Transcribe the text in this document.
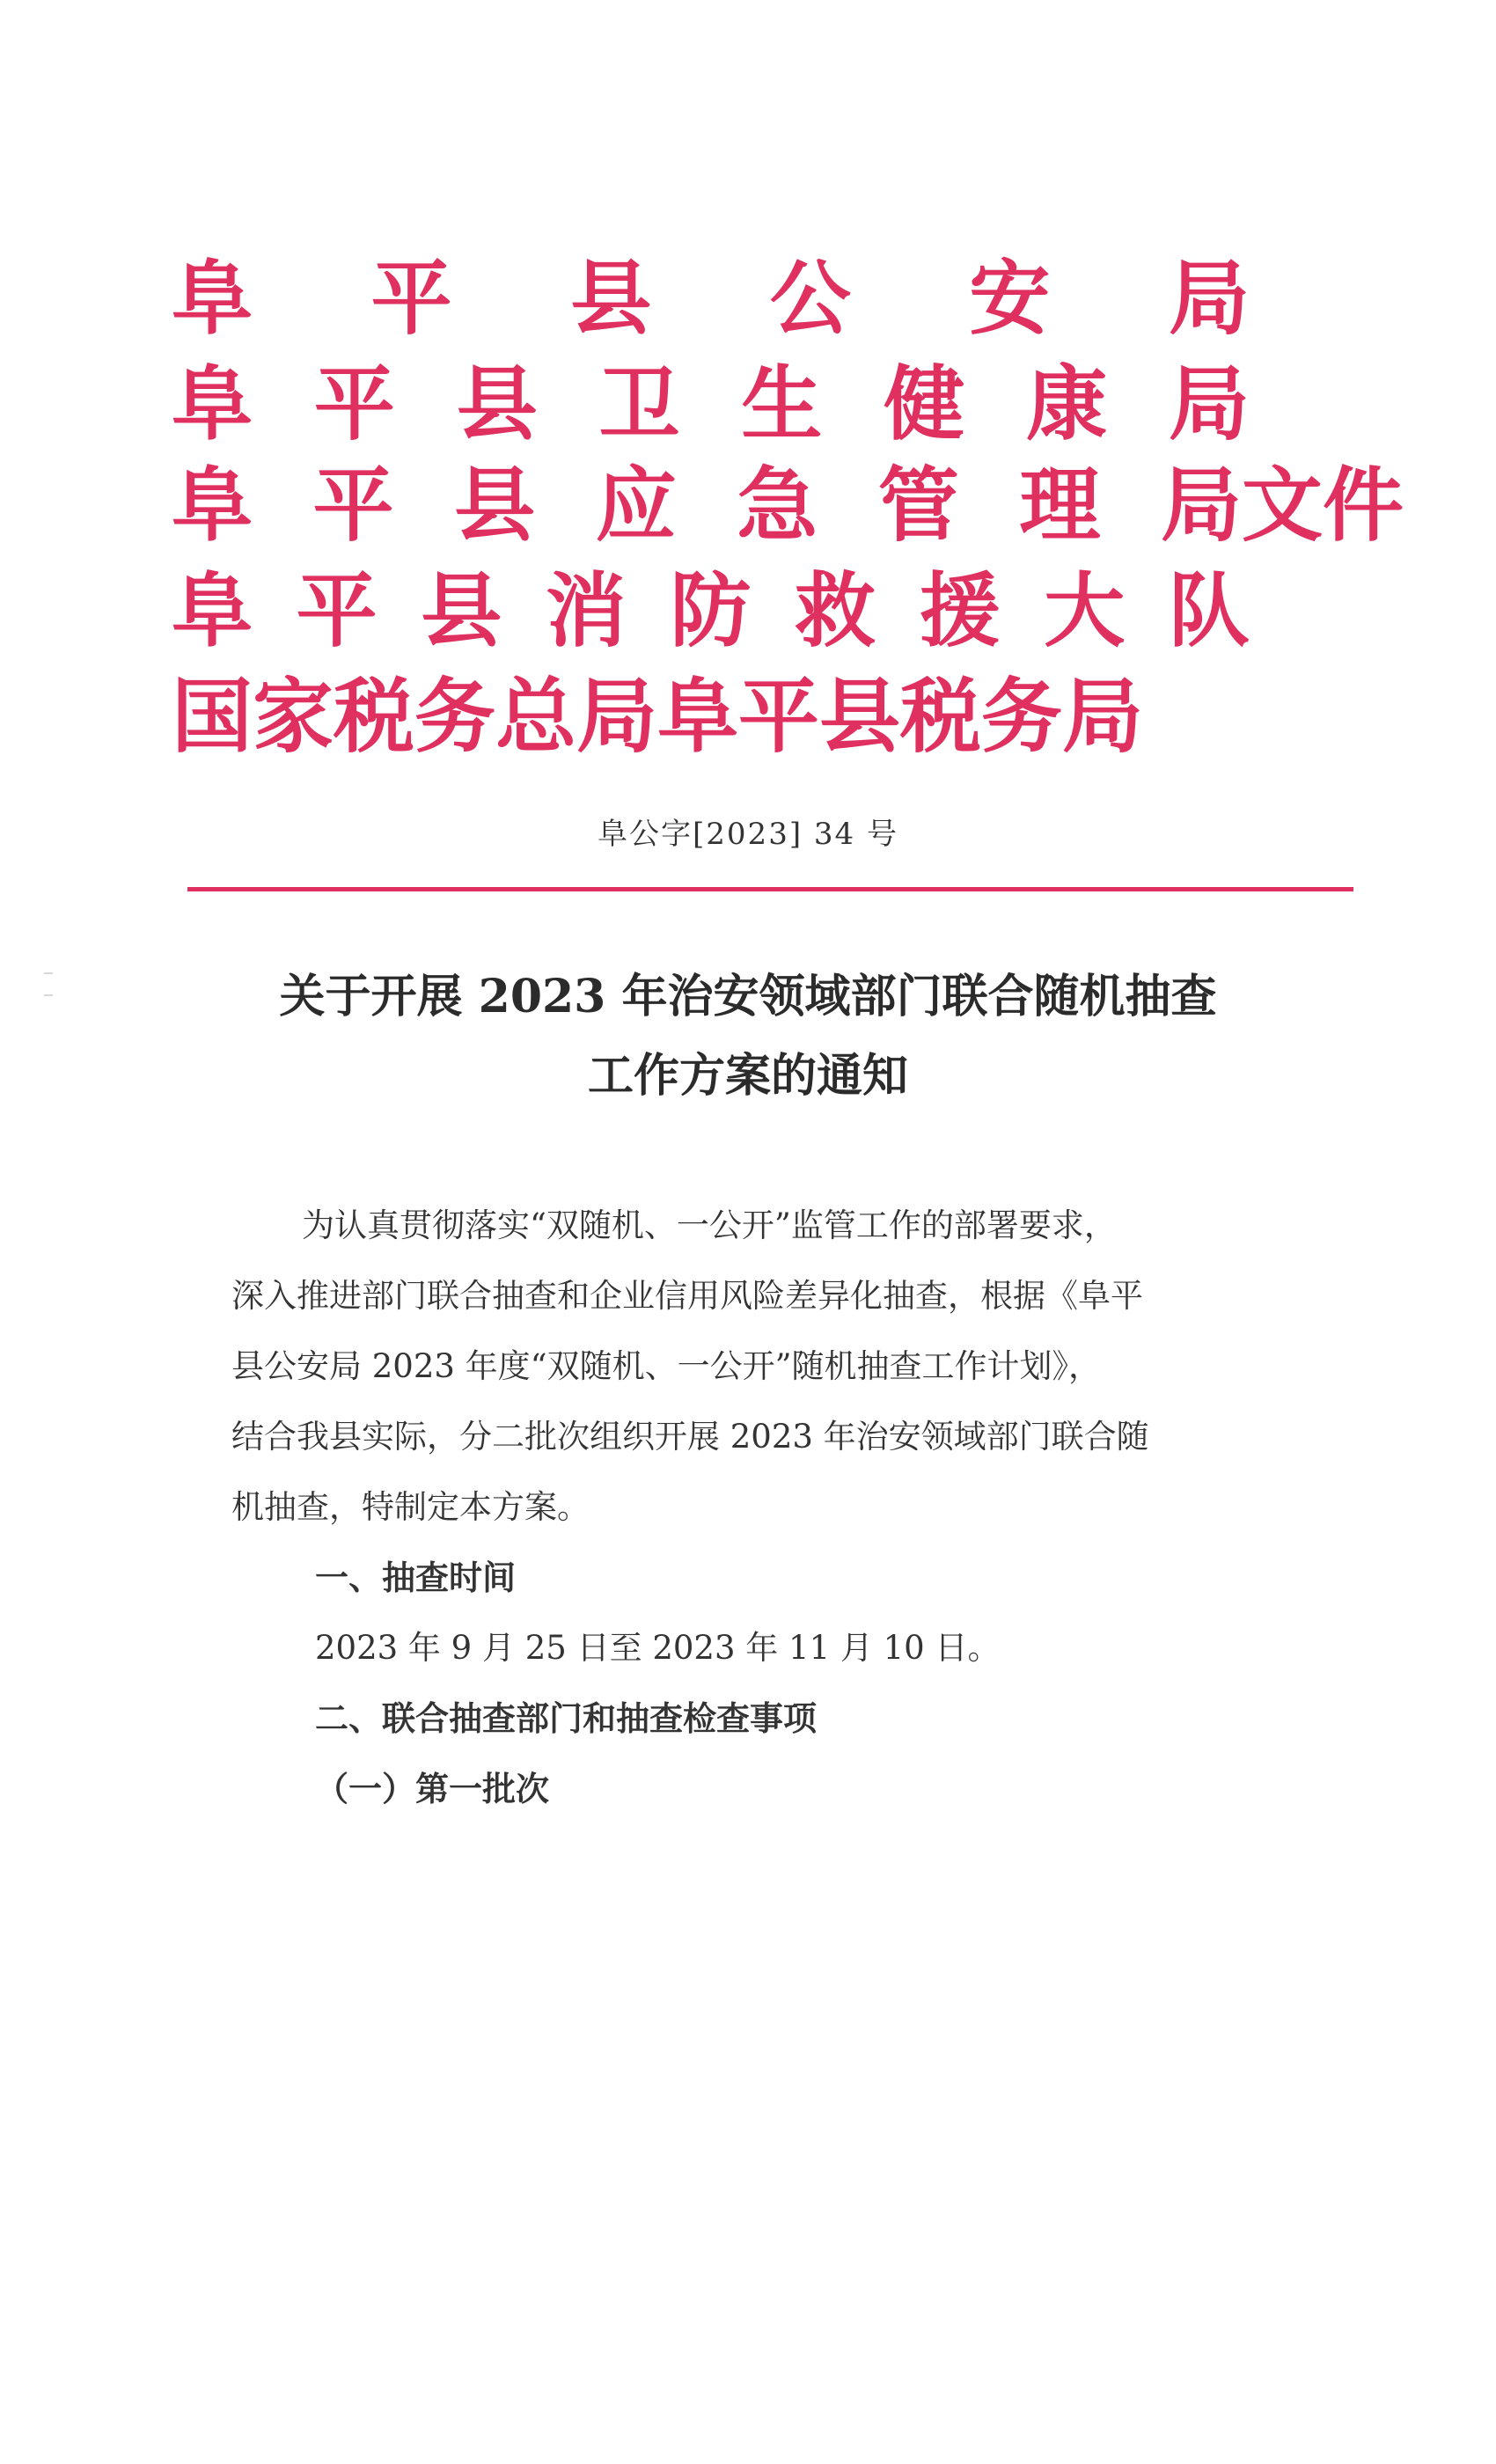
阜 平 县 公 安 局
阜 平 县 卫 生 健 康 局
阜 平 县 应 急 管 理 局文件
阜 平 县 消 防 救 援 大 队
国家税务总局阜平县税务局
阜公字[2023] 34 号
关于开展 2023 年治安领域部门联合随机抽查
工作方案的通知
为认真贯彻落实“双随机、一公开”监管工作的部署要求，
深入推进部门联合抽查和企业信用风险差异化抽查，根据《阜平
县公安局 2023 年度“双随机、一公开”随机抽查工作计划》，
结合我县实际，分二批次组织开展 2023 年治安领域部门联合随
机抽查，特制定本方案。
一、抽查时间
2023 年 9 月 25 日至 2023 年 11 月 10 日。
二、联合抽查部门和抽查检查事项
（一）第一批次
